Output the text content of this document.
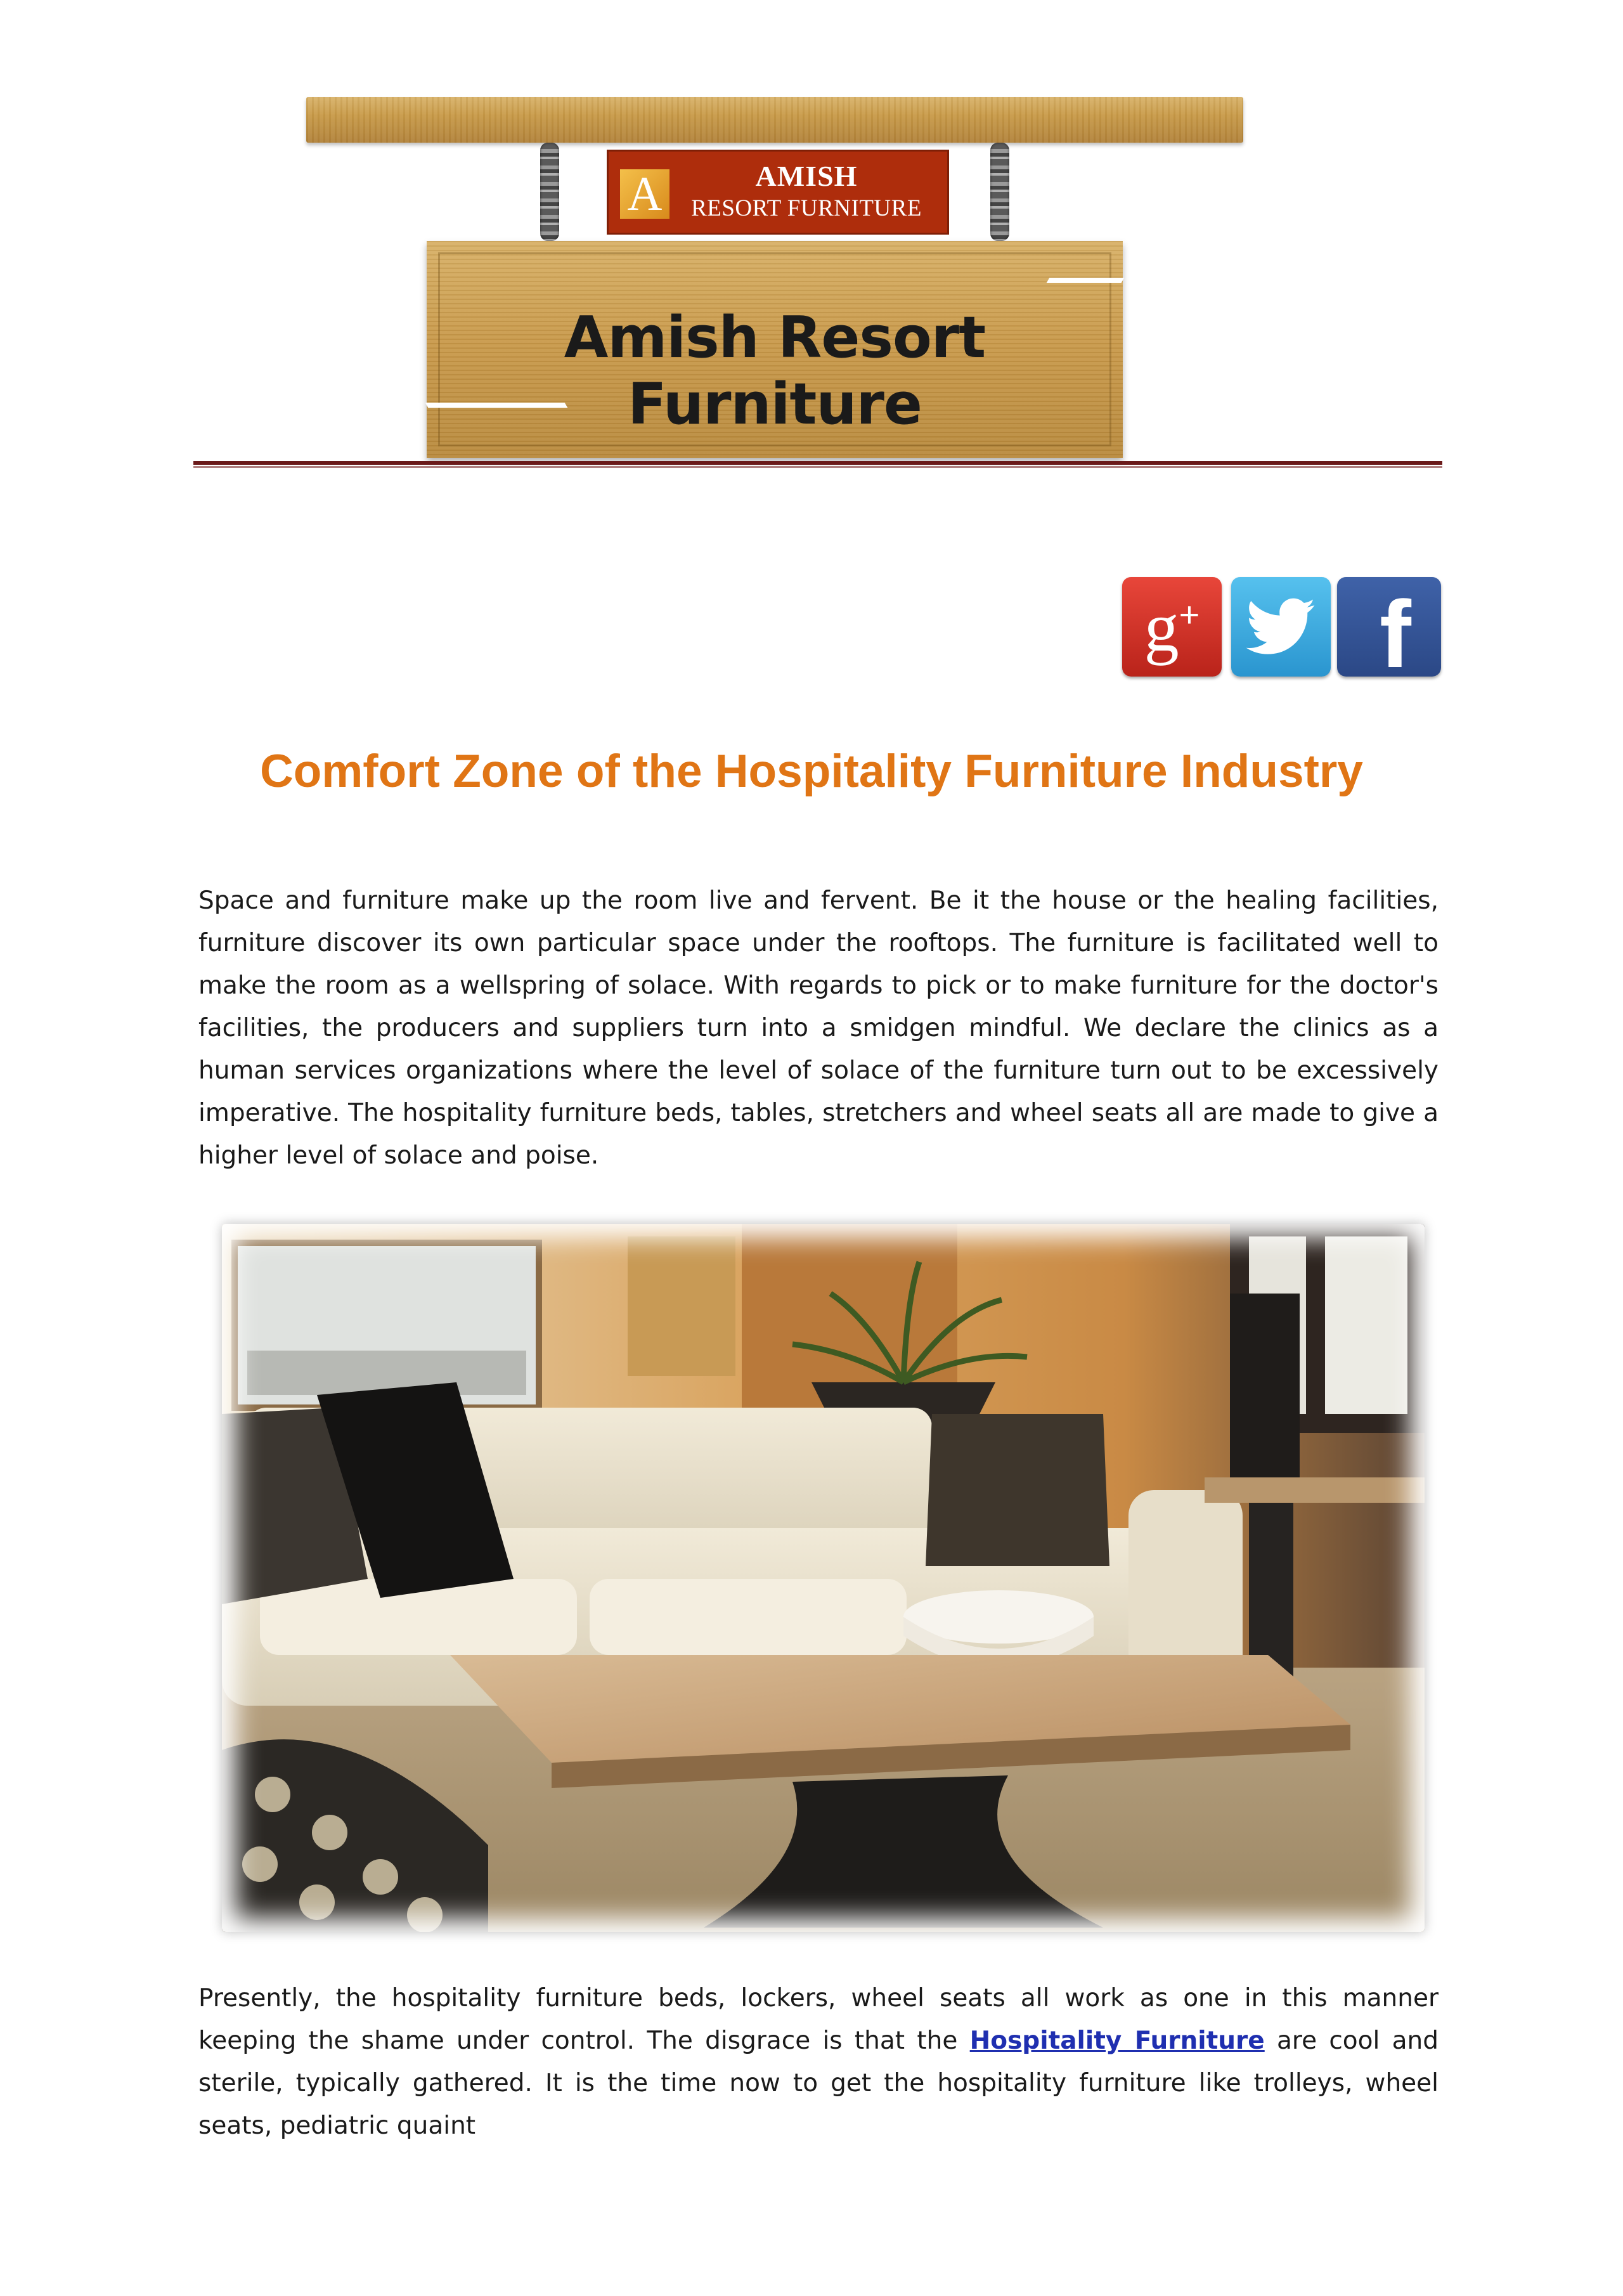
A	AMISH
RESORT FURNITURE
Amish Resort Furniture
g+ f
Comfort Zone of the Hospitality Furniture Industry

Space and furniture make up the room live and fervent. Be it the house or the healing facilities, furniture discover its own particular space under the rooftops. The furniture is facilitated well to make the room as a wellspring of solace. With regards to pick or to make furniture for the doctor's facilities, the producers and suppliers turn into a smidgen mindful. We declare the clinics as a human services organizations where the level of solace of the furniture turn out to be excessively imperative. The hospitality furniture beds, tables, stretchers and wheel seats all are made to give a higher level of solace and poise.

Presently, the hospitality furniture beds, lockers, wheel seats all work as one in this manner keeping the shame under control. The disgrace is that the Hospitality Furniture are cool and sterile, typically gathered. It is the time now to get the hospitality furniture like trolleys, wheel seats, pediatric quaint
